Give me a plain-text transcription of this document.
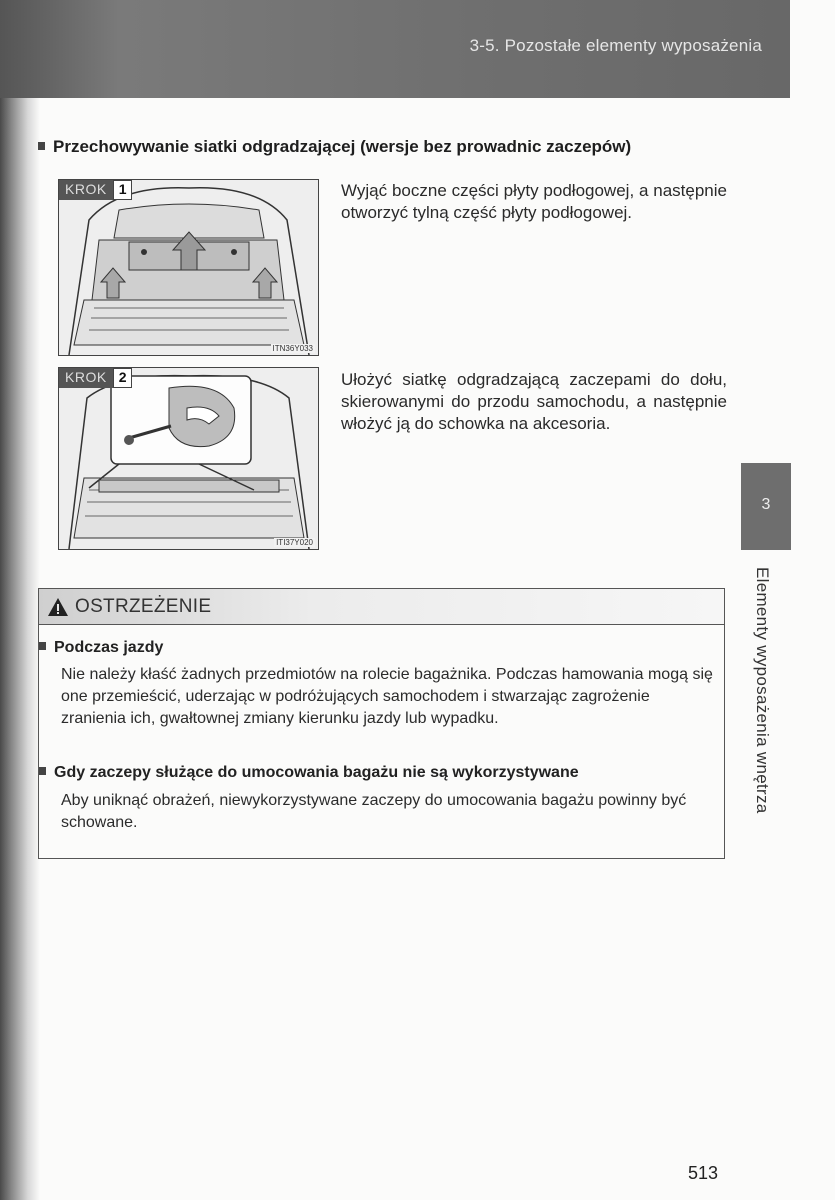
3-5. Pozostałe elementy wyposażenia
Przechowywanie siatki odgradzającej (wersje bez prowadnic zaczepów)
KROK 1
ITN36Y033
Wyjąć boczne części płyty podłogowej, a następnie otworzyć tylną część płyty podłogowej.
KROK 2
ITI37Y020
Ułożyć siatkę odgradzającą zaczepami do dołu, skierowanymi do przodu samochodu, a następnie włożyć ją do schowka na akcesoria.
3
Elementy wyposażenia wnętrza
OSTRZEŻENIE
Podczas jazdy
Nie należy kłaść żadnych przedmiotów na rolecie bagażnika. Podczas hamowania mogą się one przemieścić, uderzając w podróżujących samochodem i stwarzając zagrożenie zranienia ich, gwałtownej zmiany kierunku jazdy lub wypadku.
Gdy zaczepy służące do umocowania bagażu nie są wykorzystywane
Aby uniknąć obrażeń, niewykorzystywane zaczepy do umocowania bagażu powinny być schowane.
513
